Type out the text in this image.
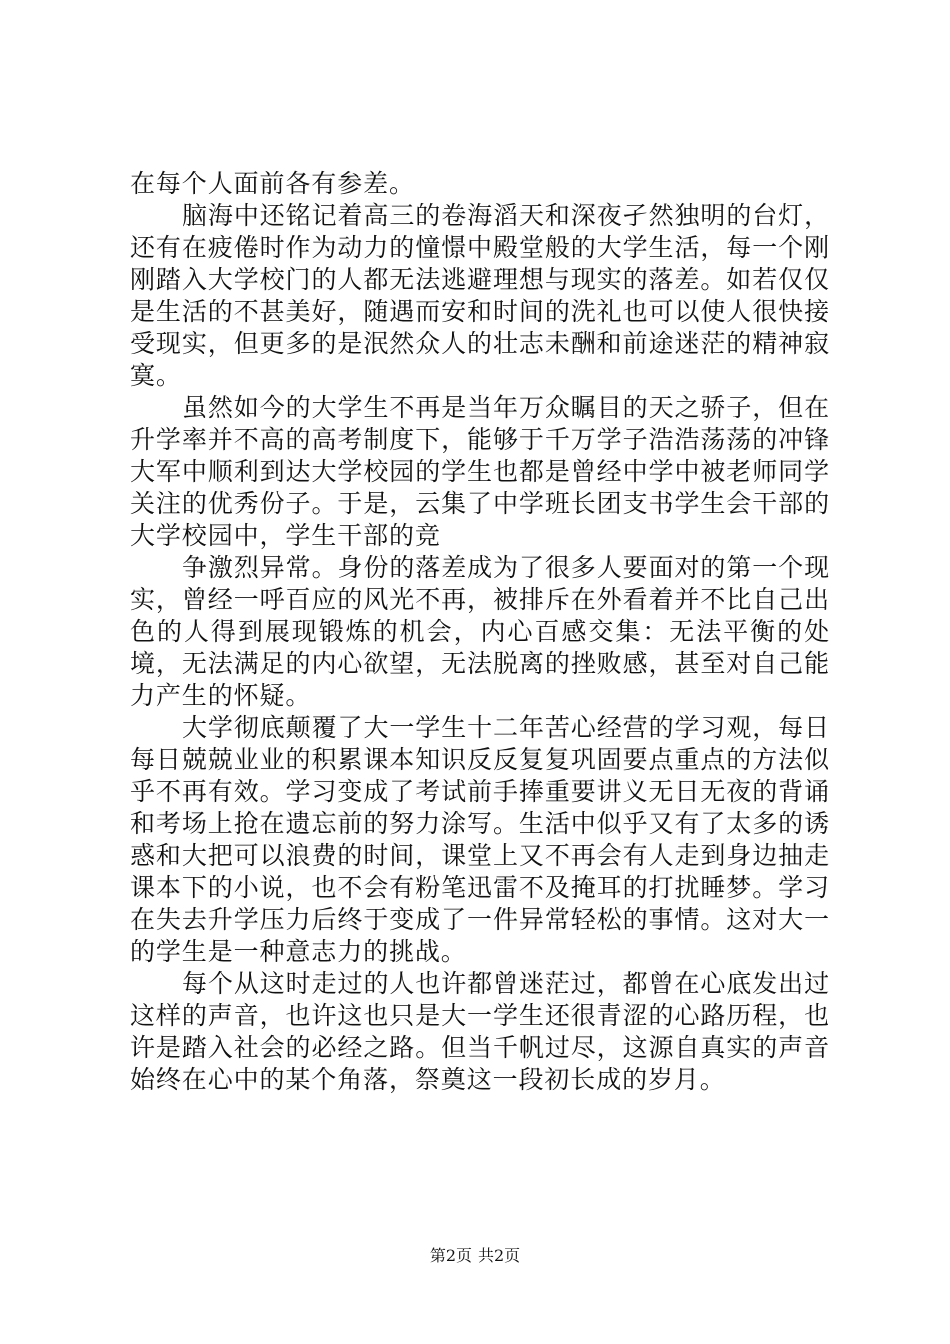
在每个人面前各有参差。

脑海中还铭记着高三的卷海滔天和深夜孑然独明的台灯，还有在疲倦时作为动力的憧憬中殿堂般的大学生活，每一个刚刚踏入大学校门的人都无法逃避理想与现实的落差。如若仅仅是生活的不甚美好，随遇而安和时间的洗礼也可以使人很快接受现实，但更多的是泯然众人的壮志未酬和前途迷茫的精神寂寞。

虽然如今的大学生不再是当年万众瞩目的天之骄子，但在升学率并不高的高考制度下，能够于千万学子浩浩荡荡的冲锋大军中顺利到达大学校园的学生也都是曾经中学中被老师同学关注的优秀份子。于是，云集了中学班长团支书学生会干部的大学校园中，学生干部的竞

争激烈异常。身份的落差成为了很多人要面对的第一个现实，曾经一呼百应的风光不再，被排斥在外看着并不比自己出色的人得到展现锻炼的机会，内心百感交集：无法平衡的处境，无法满足的内心欲望，无法脱离的挫败感，甚至对自己能力产生的怀疑。

大学彻底颠覆了大一学生十二年苦心经营的学习观，每日每日兢兢业业的积累课本知识反反复复巩固要点重点的方法似乎不再有效。学习变成了考试前手捧重要讲义无日无夜的背诵和考场上抢在遗忘前的努力涂写。生活中似乎又有了太多的诱惑和大把可以浪费的时间，课堂上又不再会有人走到身边抽走课本下的小说，也不会有粉笔迅雷不及掩耳的打扰睡梦。学习在失去升学压力后终于变成了一件异常轻松的事情。这对大一的学生是一种意志力的挑战。

每个从这时走过的人也许都曾迷茫过，都曾在心底发出过这样的声音，也许这也只是大一学生还很青涩的心路历程，也许是踏入社会的必经之路。但当千帆过尽，这源自真实的声音始终在心中的某个角落，祭奠这一段初长成的岁月。

第2页 共2页
